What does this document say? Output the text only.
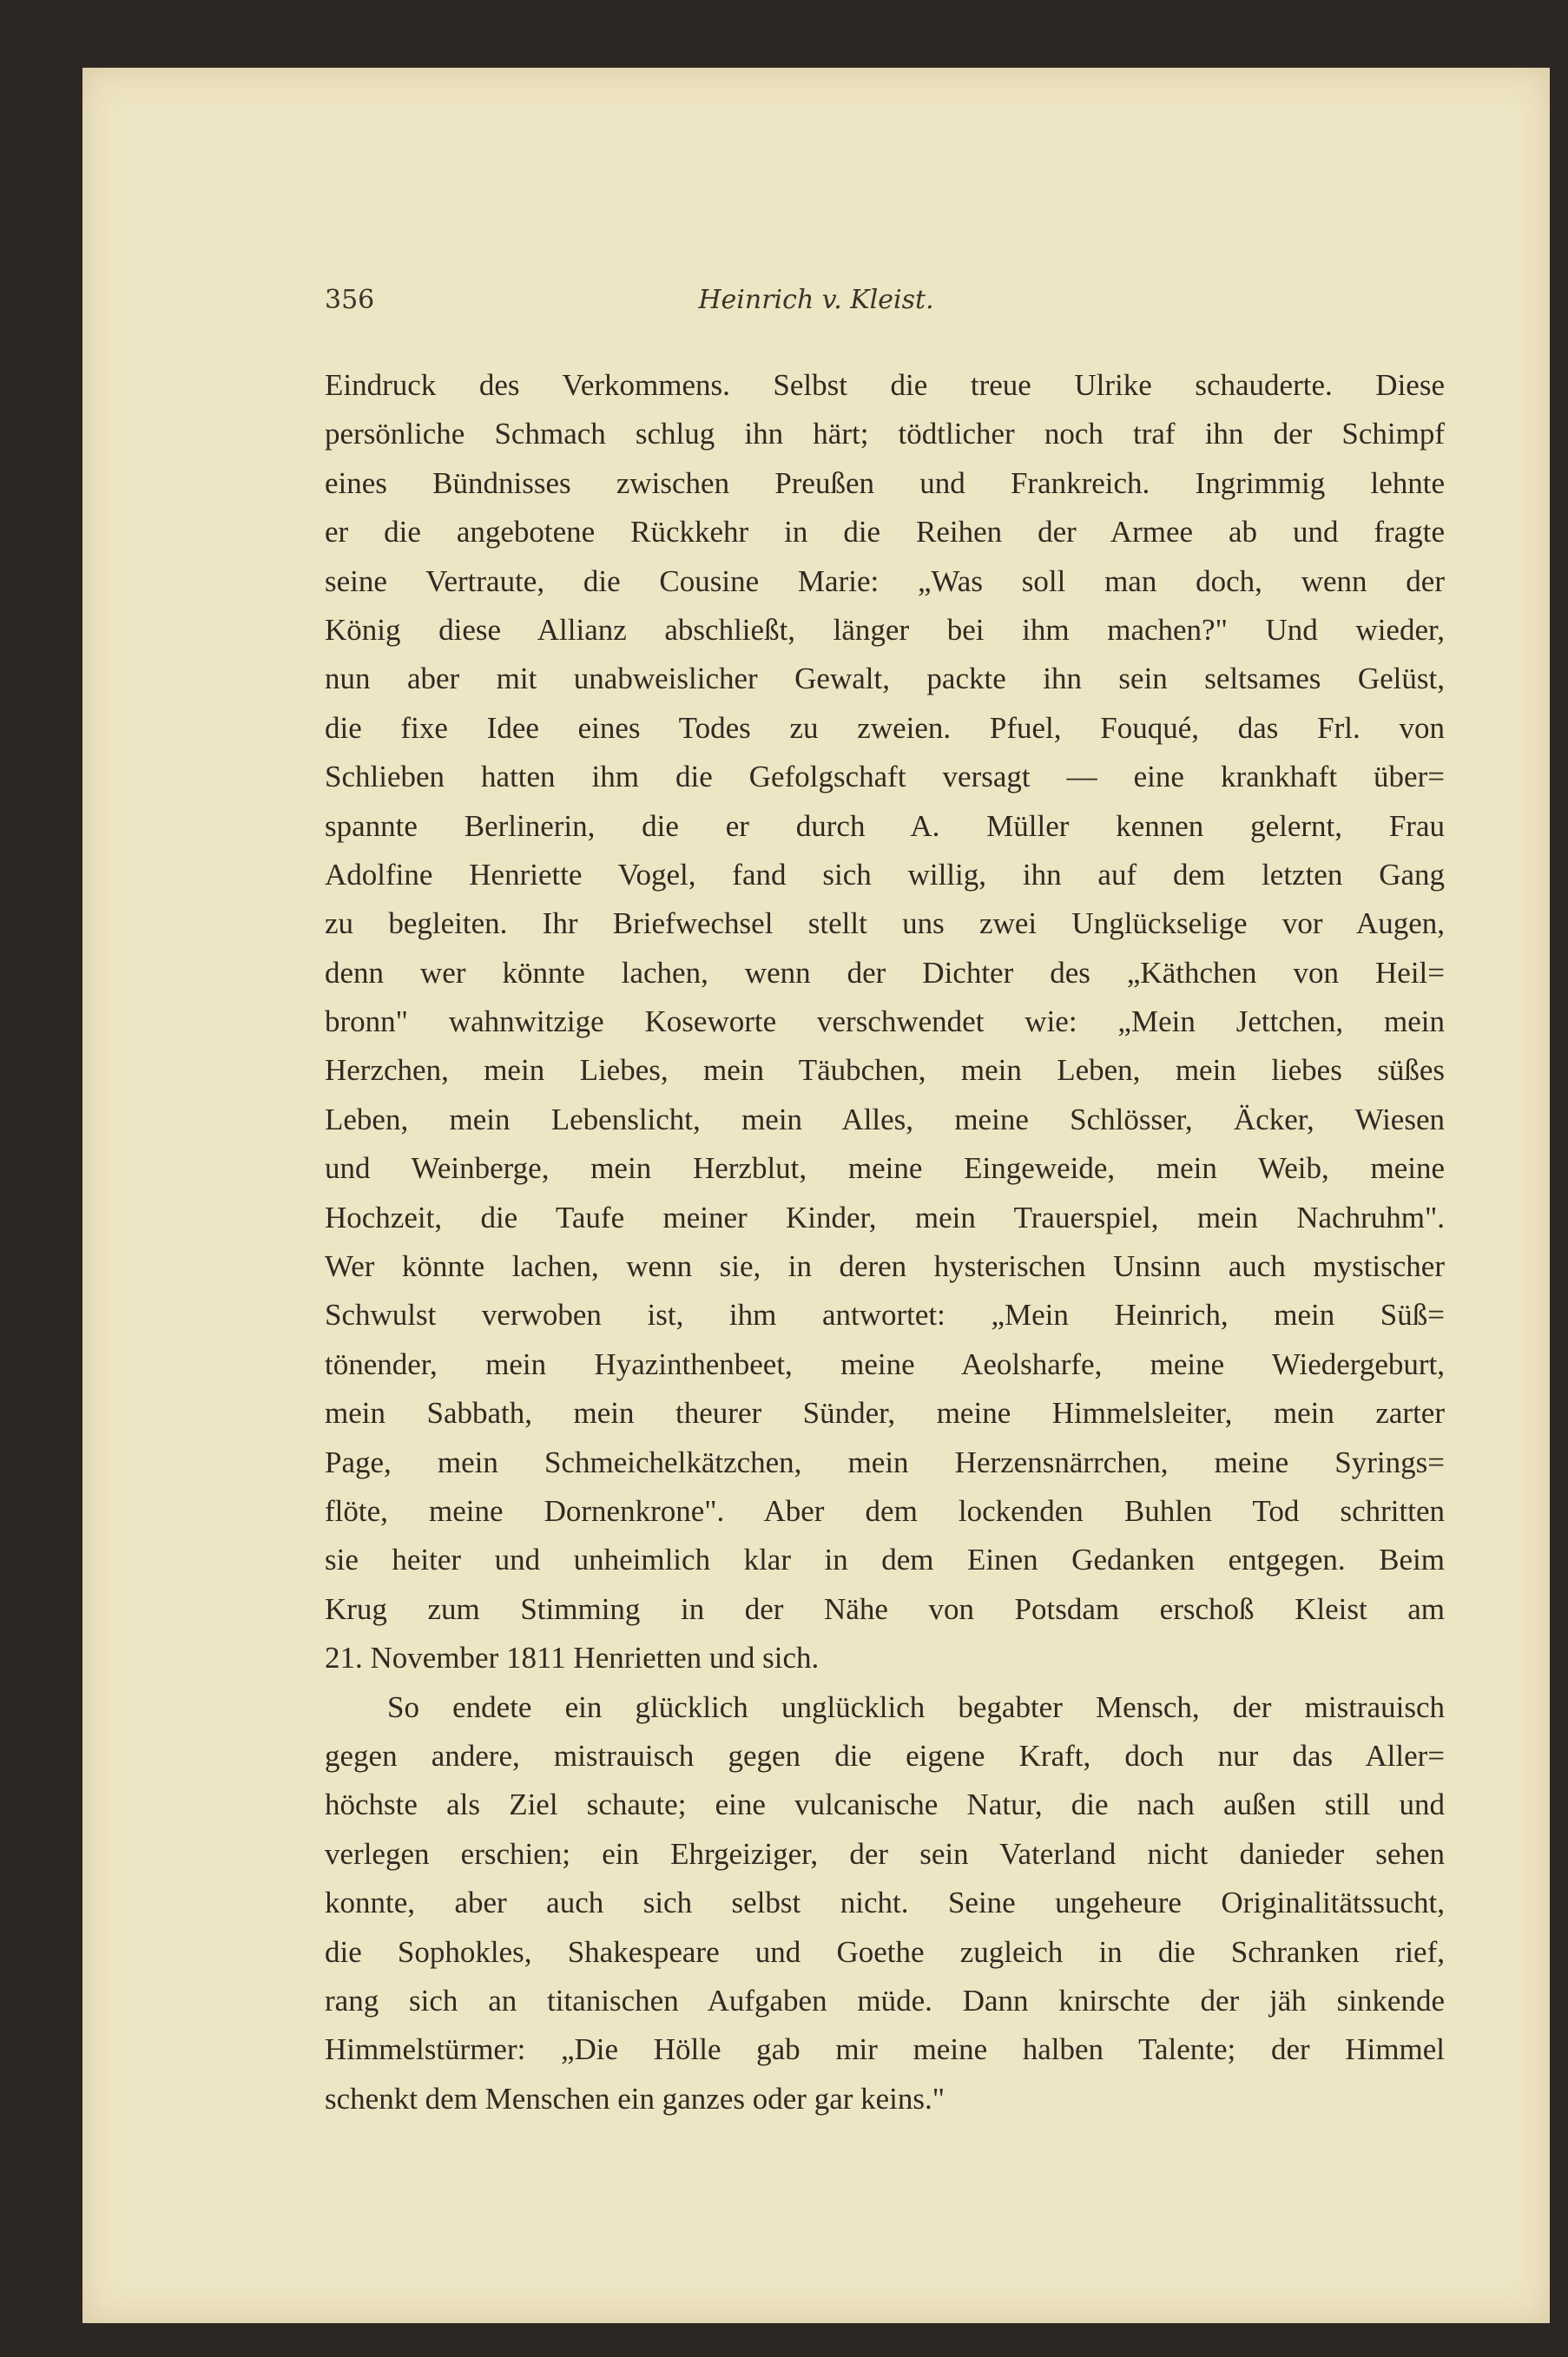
356	Heinrich v. Kleist.
Eindruck des Verkommens. Selbst die treue Ulrike schauderte. Diese
persönliche Schmach schlug ihn härt; tödtlicher noch traf ihn der Schimpf
eines Bündnisses zwischen Preußen und Frankreich. Ingrimmig lehnte
er die angebotene Rückkehr in die Reihen der Armee ab und fragte
seine Vertraute, die Cousine Marie: „Was soll man doch, wenn der
König diese Allianz abschließt, länger bei ihm machen?" Und wieder,
nun aber mit unabweislicher Gewalt, packte ihn sein seltsames Gelüst,
die fixe Idee eines Todes zu zweien. Pfuel, Fouqué, das Frl. von
Schlieben hatten ihm die Gefolgschaft versagt — eine krankhaft über=
spannte Berlinerin, die er durch A. Müller kennen gelernt, Frau
Adolfine Henriette Vogel, fand sich willig, ihn auf dem letzten Gang
zu begleiten. Ihr Briefwechsel stellt uns zwei Unglückselige vor Augen,
denn wer könnte lachen, wenn der Dichter des „Käthchen von Heil=
bronn" wahnwitzige Koseworte verschwendet wie: „Mein Jettchen, mein
Herzchen, mein Liebes, mein Täubchen, mein Leben, mein liebes süßes
Leben, mein Lebenslicht, mein Alles, meine Schlösser, Äcker, Wiesen
und Weinberge, mein Herzblut, meine Eingeweide, mein Weib, meine
Hochzeit, die Taufe meiner Kinder, mein Trauerspiel, mein Nachruhm".
Wer könnte lachen, wenn sie, in deren hysterischen Unsinn auch mystischer
Schwulst verwoben ist, ihm antwortet: „Mein Heinrich, mein Süß=
tönender, mein Hyazinthenbeet, meine Aeolsharfe, meine Wiedergeburt,
mein Sabbath, mein theurer Sünder, meine Himmelsleiter, mein zarter
Page, mein Schmeichelkätzchen, mein Herzensnärrchen, meine Syrings=
flöte, meine Dornenkrone". Aber dem lockenden Buhlen Tod schritten
sie heiter und unheimlich klar in dem Einen Gedanken entgegen. Beim
Krug zum Stimming in der Nähe von Potsdam erschoß Kleist am
21. November 1811 Henrietten und sich.
So endete ein glücklich unglücklich begabter Mensch, der mistrauisch
gegen andere, mistrauisch gegen die eigene Kraft, doch nur das Aller=
höchste als Ziel schaute; eine vulcanische Natur, die nach außen still und
verlegen erschien; ein Ehrgeiziger, der sein Vaterland nicht danieder sehen
konnte, aber auch sich selbst nicht. Seine ungeheure Originalitätssucht,
die Sophokles, Shakespeare und Goethe zugleich in die Schranken rief,
rang sich an titanischen Aufgaben müde. Dann knirschte der jäh sinkende
Himmelstürmer: „Die Hölle gab mir meine halben Talente; der Himmel
schenkt dem Menschen ein ganzes oder gar keins."
